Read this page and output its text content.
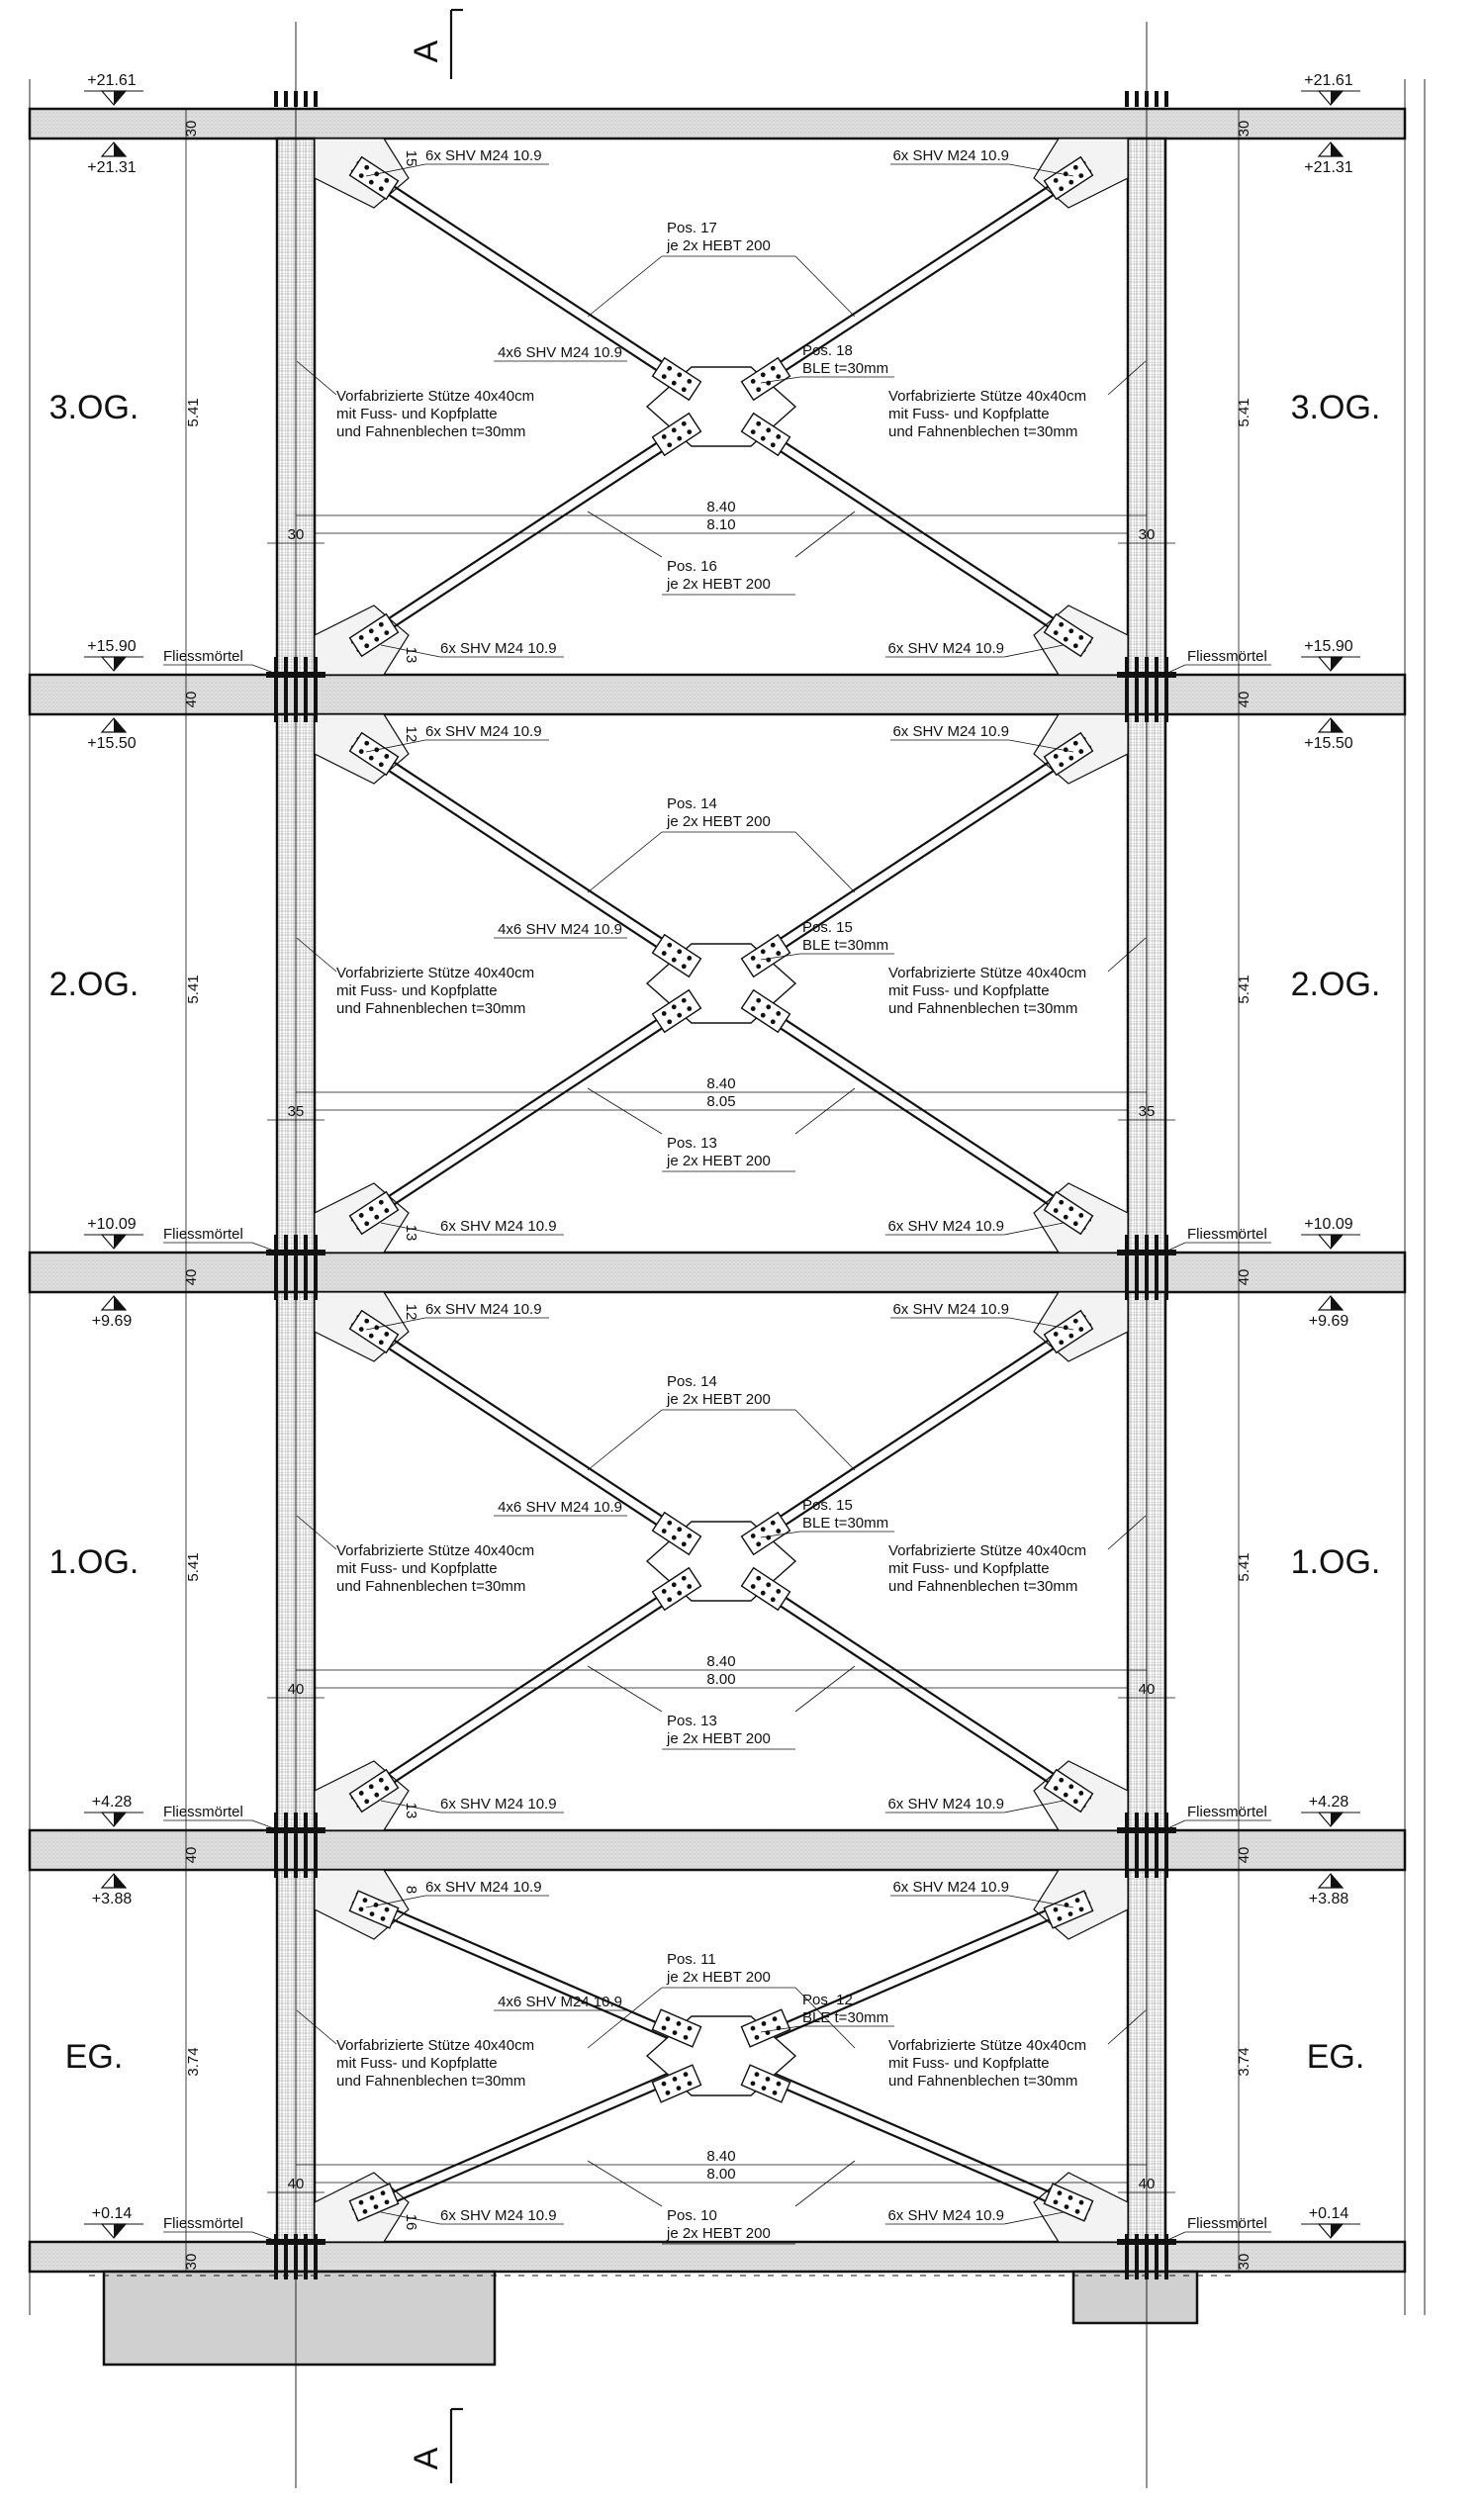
A
A
+21.61	+21.61
+21.31	+21.31
+15.90	+15.90
+15.50	+15.50
+10.09	+10.09
+9.69	+9.69
+4.28	+4.28
+3.88	+3.88
+0.14	+0.14
30	30
40	40
40	40
40	40
30	30
3.OG.	3.OG.
5.41	5.41
6x SHV M24 10.9	6x SHV M24 10.9
6x SHV M24 10.9	6x SHV M24 10.9
15
13
Pos. 17
je 2x HEBT 200
4x6 SHV M24 10.9	Pos. 18
BLE t=30mm
Vorfabrizierte Stütze 40x40cm	Vorfabrizierte Stütze 40x40cm
mit Fuss- und Kopfplatte	mit Fuss- und Kopfplatte
und Fahnenblechen t=30mm	und Fahnenblechen t=30mm
8.40
8.10
30	30
Pos. 16
je 2x HEBT 200
2.OG.	2.OG.
5.41	5.41
6x SHV M24 10.9	6x SHV M24 10.9
6x SHV M24 10.9	6x SHV M24 10.9
12
13
Pos. 14
je 2x HEBT 200
4x6 SHV M24 10.9	Pos. 15
BLE t=30mm
Vorfabrizierte Stütze 40x40cm	Vorfabrizierte Stütze 40x40cm
mit Fuss- und Kopfplatte	mit Fuss- und Kopfplatte
und Fahnenblechen t=30mm	und Fahnenblechen t=30mm
8.40
8.05
35	35
Pos. 13
je 2x HEBT 200
1.OG.	1.OG.
5.41	5.41
6x SHV M24 10.9	6x SHV M24 10.9
6x SHV M24 10.9	6x SHV M24 10.9
12
13
Pos. 14
je 2x HEBT 200
4x6 SHV M24 10.9	Pos. 15
BLE t=30mm
Vorfabrizierte Stütze 40x40cm	Vorfabrizierte Stütze 40x40cm
mit Fuss- und Kopfplatte	mit Fuss- und Kopfplatte
und Fahnenblechen t=30mm	und Fahnenblechen t=30mm
8.40
8.00
40	40
Pos. 13
je 2x HEBT 200
EG.	EG.
3.74	3.74
6x SHV M24 10.9	6x SHV M24 10.9
6x SHV M24 10.9	6x SHV M24 10.9
8
16
Pos. 11
je 2x HEBT 200
4x6 SHV M24 10.9	Pos. 12
BLE t=30mm
Vorfabrizierte Stütze 40x40cm	Vorfabrizierte Stütze 40x40cm
mit Fuss- und Kopfplatte	mit Fuss- und Kopfplatte
und Fahnenblechen t=30mm	und Fahnenblechen t=30mm
8.40
8.00
40	40
Pos. 10
je 2x HEBT 200
Fliessmörtel	Fliessmörtel
Fliessmörtel	Fliessmörtel
Fliessmörtel	Fliessmörtel
Fliessmörtel	Fliessmörtel
